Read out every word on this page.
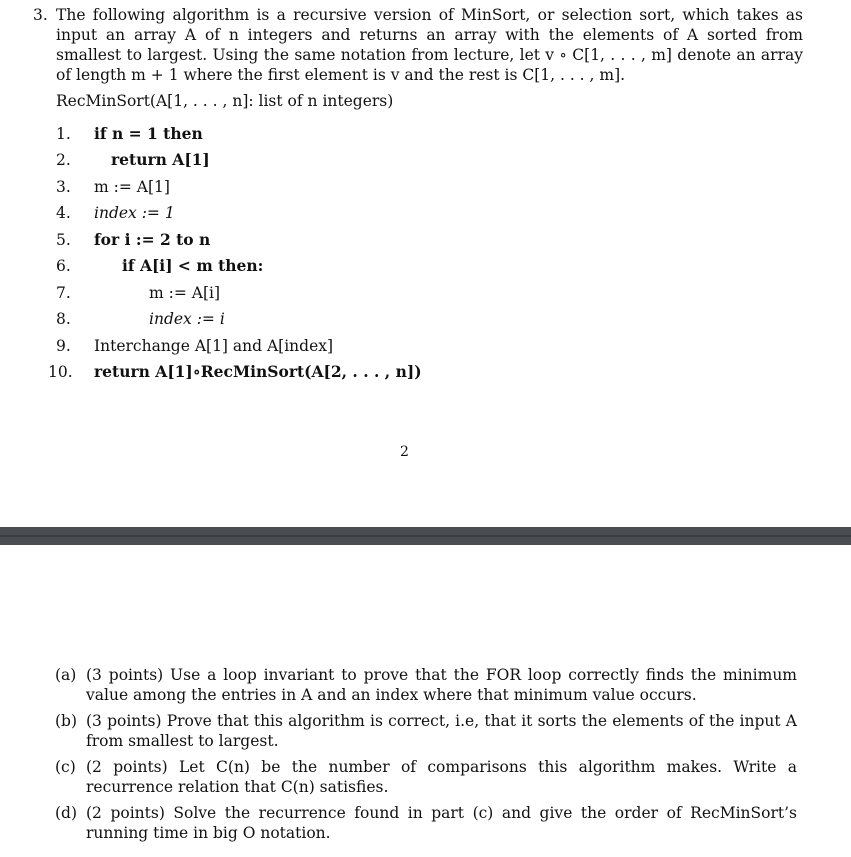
3. The following algorithm is a recursive version of MinSort, or selection sort, which takes as input an array A of n integers and returns an array with the elements of A sorted from smallest to largest. Using the same notation from lecture, let v ∘ C[1, . . . , m] denote an array of length m + 1 where the first element is v and the rest is C[1, . . . , m].
RecMinSort(A[1, . . . , n]: list of n integers)
1. if n = 1 then
2.	return A[1]
3. m := A[1]
4. index := 1
5. for i := 2 to n
6.	if A[i] < m then:
7.	m := A[i]
8.	index := i
9. Interchange A[1] and A[index]
10. return A[1]∘RecMinSort(A[2, . . . , n])
2
(a) (3 points) Use a loop invariant to prove that the FOR loop correctly finds the minimum value among the entries in A and an index where that minimum value occurs.
(b) (3 points) Prove that this algorithm is correct, i.e, that it sorts the elements of the input A from smallest to largest.
(c) (2 points) Let C(n) be the number of comparisons this algorithm makes. Write a recurrence relation that C(n) satisfies.
(d) (2 points) Solve the recurrence found in part (c) and give the order of RecMinSort’s running time in big O notation.
